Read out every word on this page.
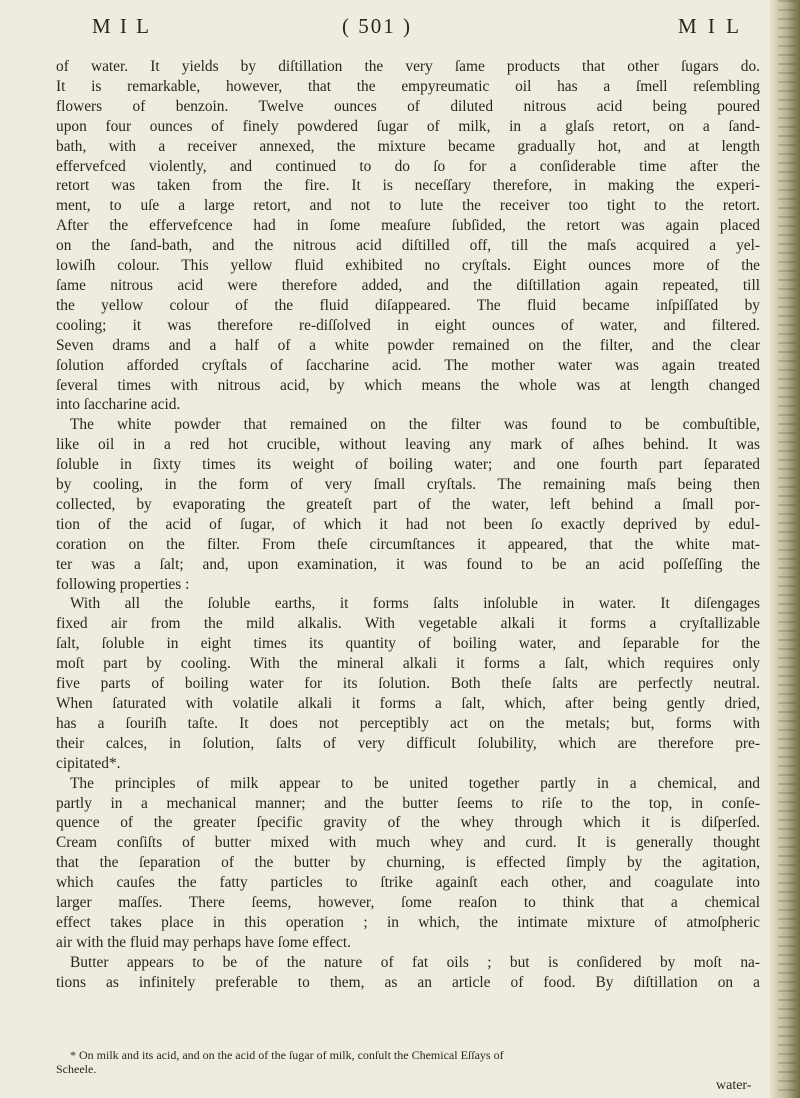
M I L	( 501 )	M I L
of water. It yields by diſtillation the very ſame products that other ſugars do.
It is remarkable, however, that the empyreumatic oil has a ſmell reſembling
flowers of benzoin. Twelve ounces of diluted nitrous acid being poured
upon four ounces of finely powdered ſugar of milk, in a glaſs retort, on a ſand-
bath, with a receiver annexed, the mixture became gradually hot, and at length
effervefced violently, and continued to do ſo for a conſiderable time after the
retort was taken from the fire. It is neceſſary therefore, in making the experi-
ment, to uſe a large retort, and not to lute the receiver too tight to the retort.
After the effervefcence had in ſome meaſure ſubſided, the retort was again placed
on the ſand-bath, and the nitrous acid diſtilled off, till the maſs acquired a yel-
lowiſh colour. This yellow fluid exhibited no cryſtals. Eight ounces more of the
ſame nitrous acid were therefore added, and the diſtillation again repeated, till
the yellow colour of the fluid diſappeared. The fluid became inſpiſſated by
cooling; it was therefore re-diſſolved in eight ounces of water, and filtered.
Seven drams and a half of a white powder remained on the filter, and the clear
ſolution afforded cryſtals of ſaccharine acid. The mother water was again treated
ſeveral times with nitrous acid, by which means the whole was at length changed
into ſaccharine acid.
The white powder that remained on the filter was found to be combuſtible,
like oil in a red hot crucible, without leaving any mark of aſhes behind. It was
ſoluble in ſixty times its weight of boiling water; and one fourth part ſeparated
by cooling, in the form of very ſmall cryſtals. The remaining maſs being then
collected, by evaporating the greateſt part of the water, left behind a ſmall por-
tion of the acid of ſugar, of which it had not been ſo exactly deprived by edul-
coration on the filter. From theſe circumſtances it appeared, that the white mat-
ter was a ſalt; and, upon examination, it was found to be an acid poſſeſſing the
following properties :
With all the ſoluble earths, it forms ſalts inſoluble in water. It diſengages
fixed air from the mild alkalis. With vegetable alkali it forms a cryſtallizable
ſalt, ſoluble in eight times its quantity of boiling water, and ſeparable for the
moſt part by cooling. With the mineral alkali it forms a ſalt, which requires only
five parts of boiling water for its ſolution. Both theſe ſalts are perfectly neutral.
When ſaturated with volatile alkali it forms a ſalt, which, after being gently dried,
has a ſouriſh taſte. It does not perceptibly act on the metals; but, forms with
their calces, in ſolution, ſalts of very difficult ſolubility, which are therefore pre-
cipitated*.
The principles of milk appear to be united together partly in a chemical, and
partly in a mechanical manner; and the butter ſeems to riſe to the top, in conſe-
quence of the greater ſpecific gravity of the whey through which it is diſperſed.
Cream conſiſts of butter mixed with much whey and curd. It is generally thought
that the ſeparation of the butter by churning, is effected ſimply by the agitation,
which cauſes the fatty particles to ſtrike againſt each other, and coagulate into
larger maſſes. There ſeems, however, ſome reaſon to think that a chemical
effect takes place in this operation ; in which, the intimate mixture of atmoſpheric
air with the fluid may perhaps have ſome effect.
Butter appears to be of the nature of fat oils ; but is conſidered by moſt na-
tions as infinitely preferable to them, as an article of food. By diſtillation on a
* On milk and its acid, and on the acid of the ſugar of milk, conſult the Chemical Eſſays of
Scheele.
water-
